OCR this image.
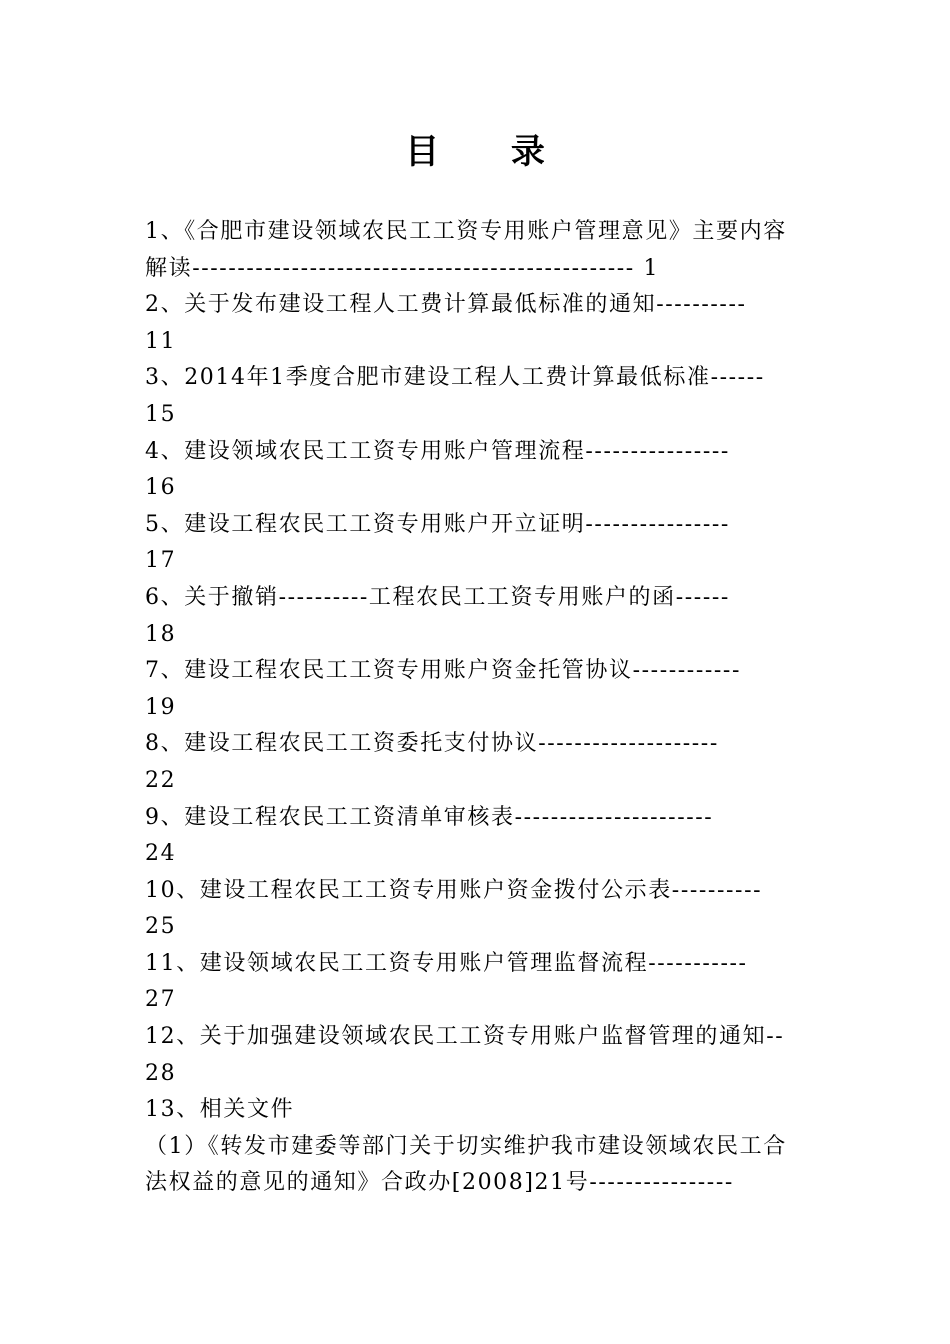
目 录
1、《合肥市建设领域农民工工资专用账户管理意见》主要内容
解读------------------------------------------------- 1
2、关于发布建设工程人工费计算最低标准的通知----------
11
3、2014年1季度合肥市建设工程人工费计算最低标准------
15
4、建设领域农民工工资专用账户管理流程----------------
16
5、建设工程农民工工资专用账户开立证明----------------
17
6、关于撤销----------工程农民工工资专用账户的函------
18
7、建设工程农民工工资专用账户资金托管协议------------
19
8、建设工程农民工工资委托支付协议--------------------
22
9、建设工程农民工工资清单审核表----------------------
24
10、建设工程农民工工资专用账户资金拨付公示表----------
25
11、建设领域农民工工资专用账户管理监督流程-----------
27
12、关于加强建设领域农民工工资专用账户监督管理的通知--
28
13、相关文件
（1）《转发市建委等部门关于切实维护我市建设领域农民工合
法权益的意见的通知》合政办[2008]21号----------------
